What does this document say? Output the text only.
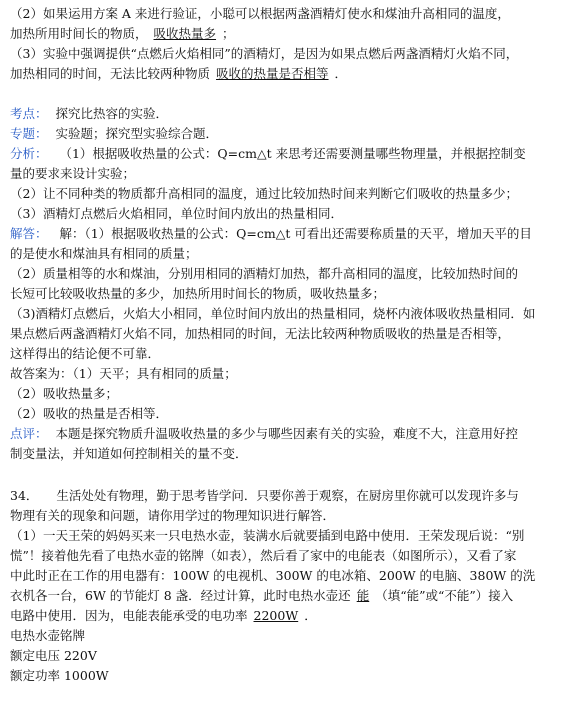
（2）如果运用方案 A 来进行验证，小聪可以根据两盏酒精灯使水和煤油升高相同的温度，
加热所用时间长的物质， 吸收热量多 ；
（3）实验中强调提供“点燃后火焰相同”的酒精灯，是因为如果点燃后两盏酒精灯火焰不同，
加热相同的时间，无法比较两种物质 吸收的热量是否相等 ．
考点： 探究比热容的实验．
专题： 实验题；探究型实验综合题．
分析： （1）根据吸收热量的公式：Q=cm△t 来思考还需要测量哪些物理量，并根据控制变
量的要求来设计实验；
（2）让不同种类的物质都升高相同的温度，通过比较加热时间来判断它们吸收的热量多少；
（3）酒精灯点燃后火焰相同，单位时间内放出的热量相同．
解答： 解：（1）根据吸收热量的公式：Q=cm△t 可看出还需要称质量的天平，增加天平的目
的是使水和煤油具有相同的质量；
（2）质量相等的水和煤油，分别用相同的酒精灯加热，都升高相同的温度，比较加热时间的
长短可比较吸收热量的多少，加热所用时间长的物质，吸收热量多；
（3)酒精灯点燃后，火焰大小相同，单位时间内放出的热量相同，烧杯内液体吸收热量相同．如
果点燃后两盏酒精灯火焰不同，加热相同的时间，无法比较两种物质吸收的热量是否相等，
这样得出的结论便不可靠．
故答案为：（1）天平；具有相同的质量；
（2）吸收热量多；
（2）吸收的热量是否相等．
点评： 本题是探究物质升温吸收热量的多少与哪些因素有关的实验，难度不大，注意用好控
制变量法，并知道如何控制相关的量不变．
34． 生活处处有物理，勤于思考皆学问．只要你善于观察，在厨房里你就可以发现许多与
物理有关的现象和问题，请你用学过的物理知识进行解答．
（1）一天王荣的妈妈买来一只电热水壶，装满水后就要插到电路中使用．王荣发现后说：“别
慌”！接着他先看了电热水壶的铭牌（如表），然后看了家中的电能表（如图所示），又看了家
中此时正在工作的用电器有：100W 的电视机、300W 的电冰箱、200W 的电脑、380W 的洗
衣机各一台，6W 的节能灯 8 盏．经过计算，此时电热水壶还 能 （填“能”或“不能”）接入
电路中使用．因为，电能表能承受的电功率 2200W ．
电热水壶铭牌
额定电压 220V
额定功率 1000W
